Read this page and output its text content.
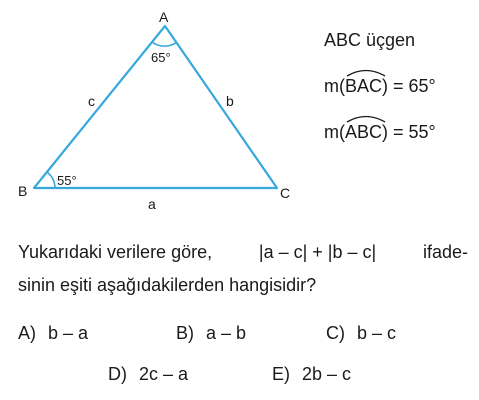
A
B	C
c	b
a
65°
55°
ABC üçgen
m(
BAC) = 65°
m(
ABC) = 55°
Yukarıdaki verilere göre,	|a – c| + |b – c|	ifade-
sinin eşiti aşağıdakilerden hangisidir?
A) b – a	B) a – b	C) b – c
D) 2c – a	E) 2b – c
